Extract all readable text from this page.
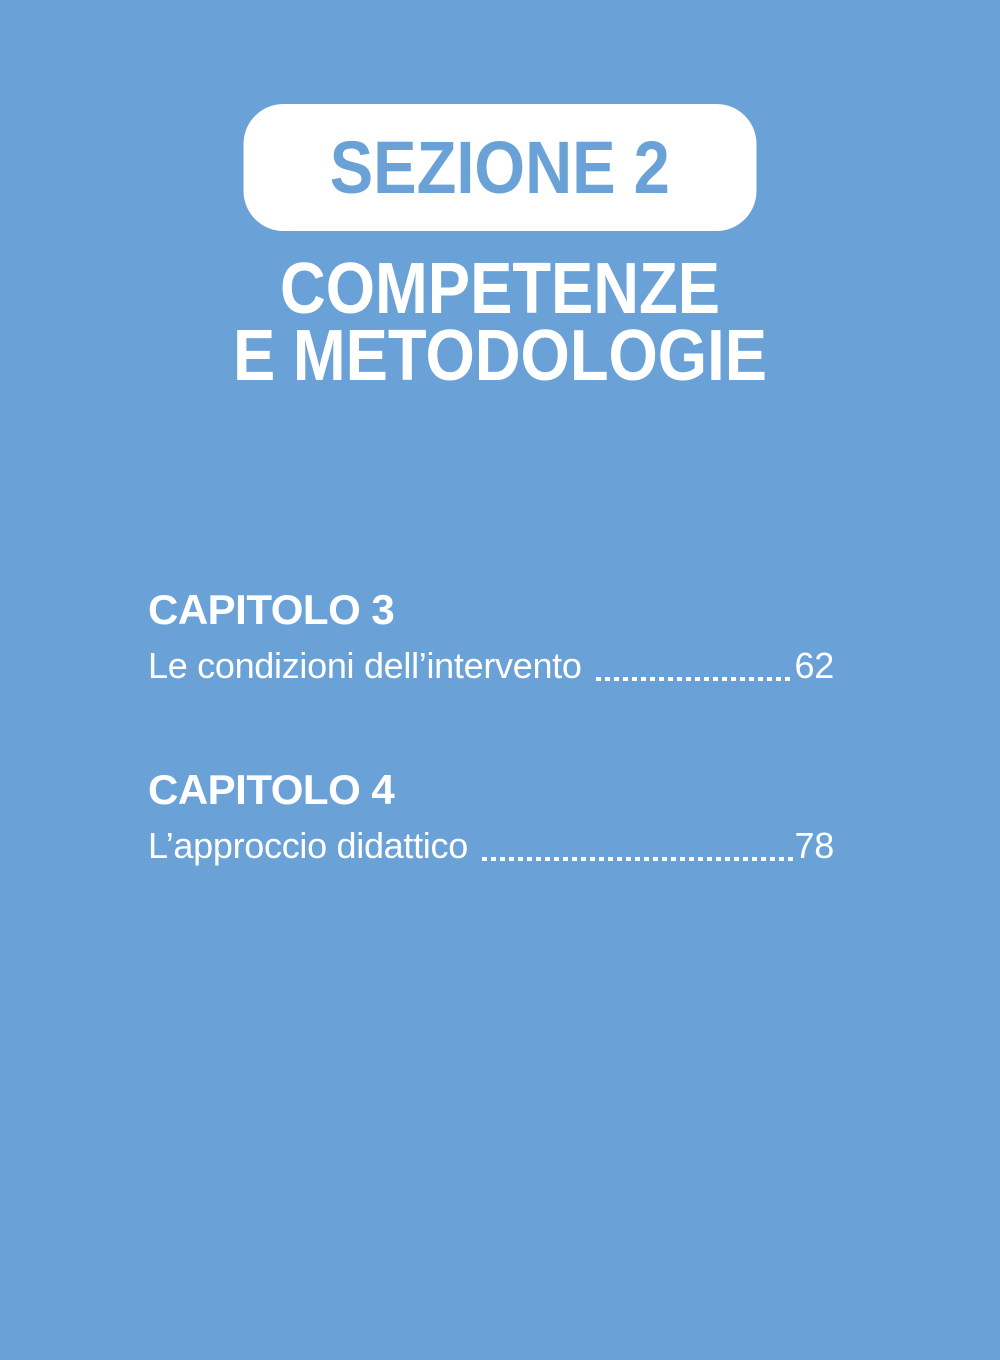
SEZIONE 2
COMPETENZE
E METODOLOGIE
CAPITOLO 3
Le condizioni dell’intervento	62
CAPITOLO 4
L’approccio didattico	78
